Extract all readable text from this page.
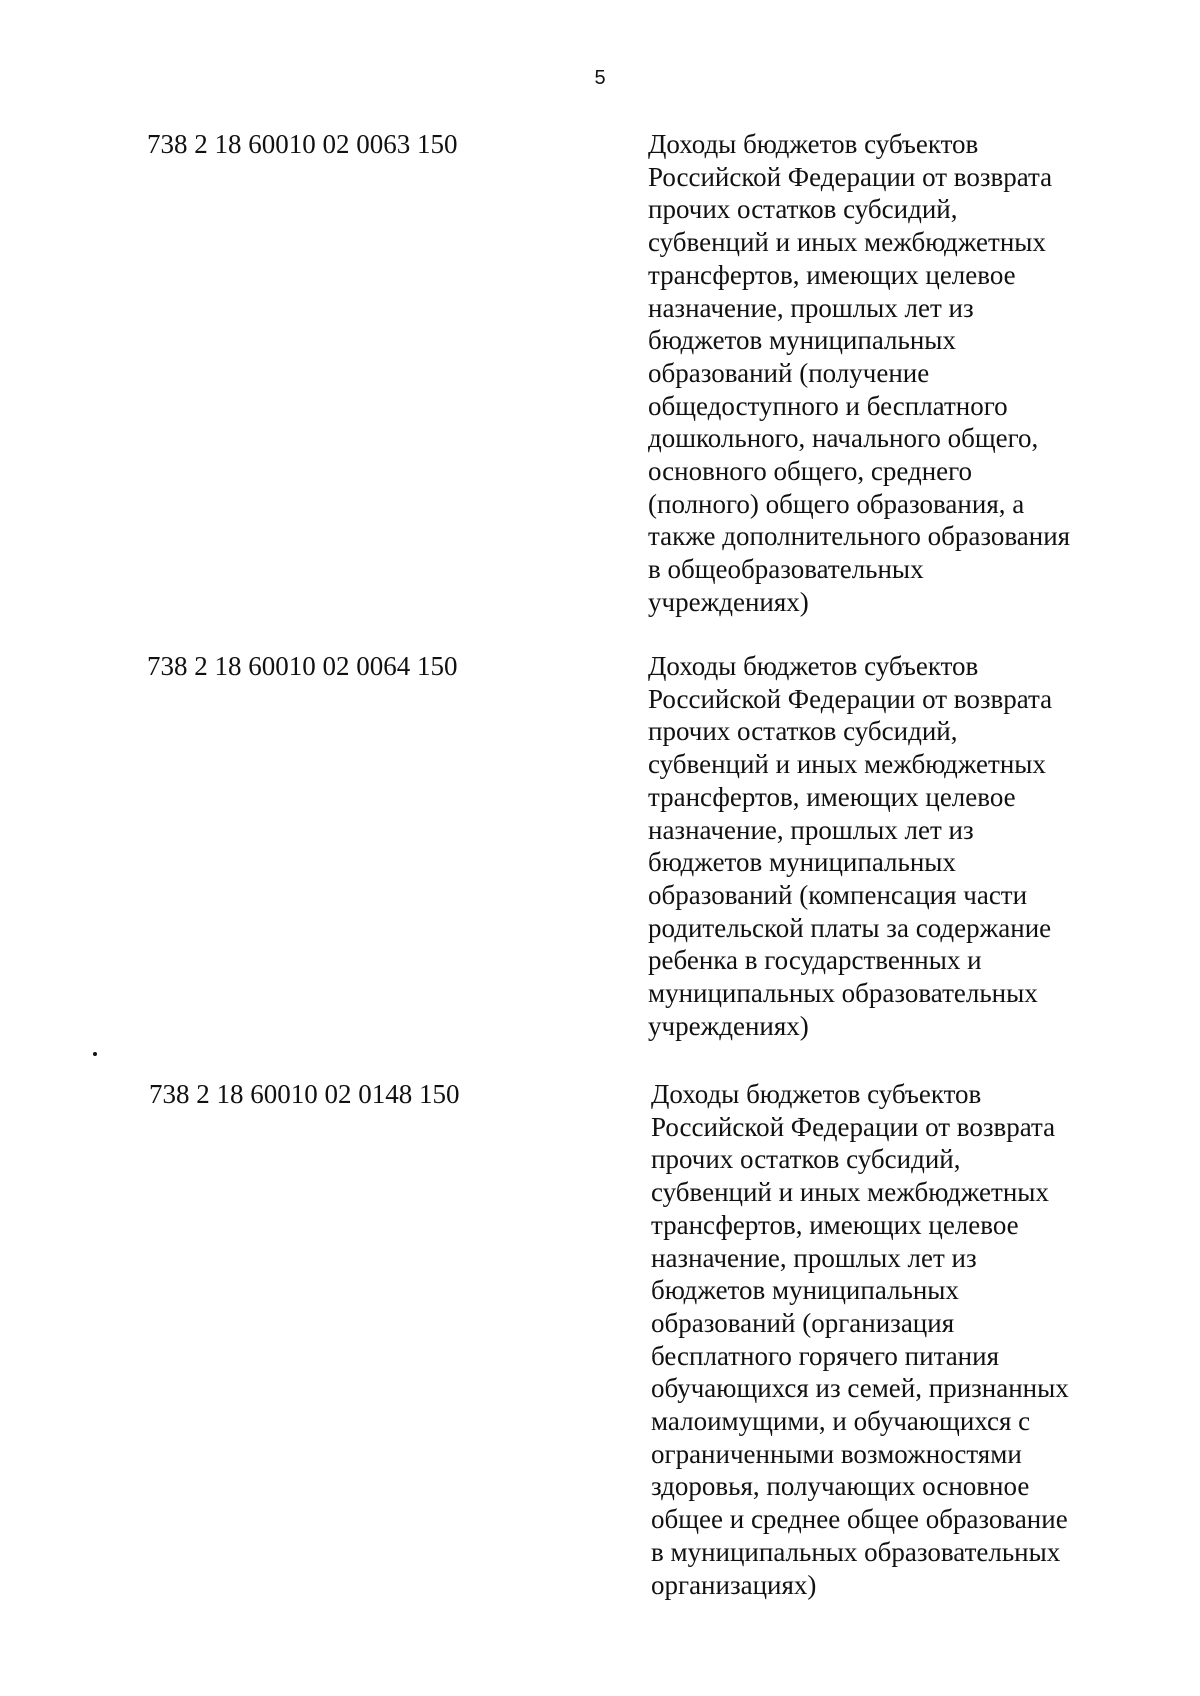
5
738 2 18 60010 02 0063 150	Доходы бюджетов субъектов
Российской Федерации от возврата
прочих остатков субсидий,
субвенций и иных межбюджетных
трансфертов, имеющих целевое
назначение, прошлых лет из
бюджетов муниципальных
образований (получение
общедоступного и бесплатного
дошкольного, начального общего,
основного общего, среднего
(полного) общего образования, а
также дополнительного образования
в общеобразовательных
учреждениях)
738 2 18 60010 02 0064 150	Доходы бюджетов субъектов
Российской Федерации от возврата
прочих остатков субсидий,
субвенций и иных межбюджетных
трансфертов, имеющих целевое
назначение, прошлых лет из
бюджетов муниципальных
образований (компенсация части
родительской платы за содержание
ребенка в государственных и
муниципальных образовательных
учреждениях)
738 2 18 60010 02 0148 150	Доходы бюджетов субъектов
Российской Федерации от возврата
прочих остатков субсидий,
субвенций и иных межбюджетных
трансфертов, имеющих целевое
назначение, прошлых лет из
бюджетов муниципальных
образований (организация
бесплатного горячего питания
обучающихся из семей, признанных
малоимущими, и обучающихся с
ограниченными возможностями
здоровья, получающих основное
общее и среднее общее образование
в муниципальных образовательных
организациях)
